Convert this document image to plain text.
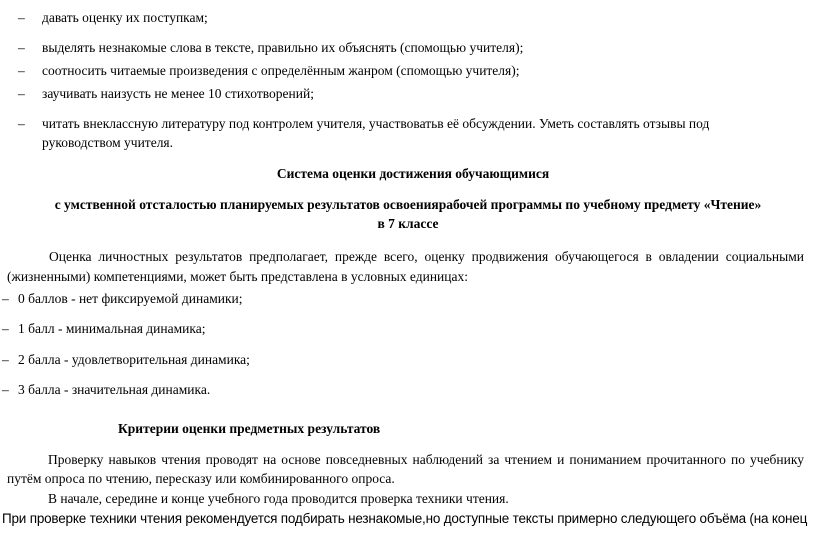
– давать оценку их поступкам;
– выделять незнакомые слова в тексте, правильно их объяснять (спомощью учителя);
– соотносить читаемые произведения с определённым жанром (спомощью учителя);
– заучивать наизусть не менее 10 стихотворений;
– читать внеклассную литературу под контролем учителя, участвоватьв её обсуждении. Уметь составлять отзывы под
руководством учителя.
Система оценки достижения обучающимися
с умственной отсталостью планируемых результатов освоениярабочей программы по учебному предмету «Чтение»
в 7 классе
Оценка личностных результатов предполагает, прежде всего, оценку продвижения обучающегося в овладении социальными (жизненными) компетенциями, может быть представлена в условных единицах:
– 0 баллов - нет фиксируемой динамики;
– 1 балл - минимальная динамика;
– 2 балла - удовлетворительная динамика;
– 3 балла - значительная динамика.
Критерии оценки предметных результатов
Проверку навыков чтения проводят на основе повседневных наблюдений за чтением и пониманием прочитанного по учебнику путём опроса по чтению, пересказу или комбинированного опроса.
В начале, середине и конце учебного года проводится проверка техники чтения.
При проверке техники чтения рекомендуется подбирать незнакомые,но доступные тексты примерно следующего объёма (на конец
